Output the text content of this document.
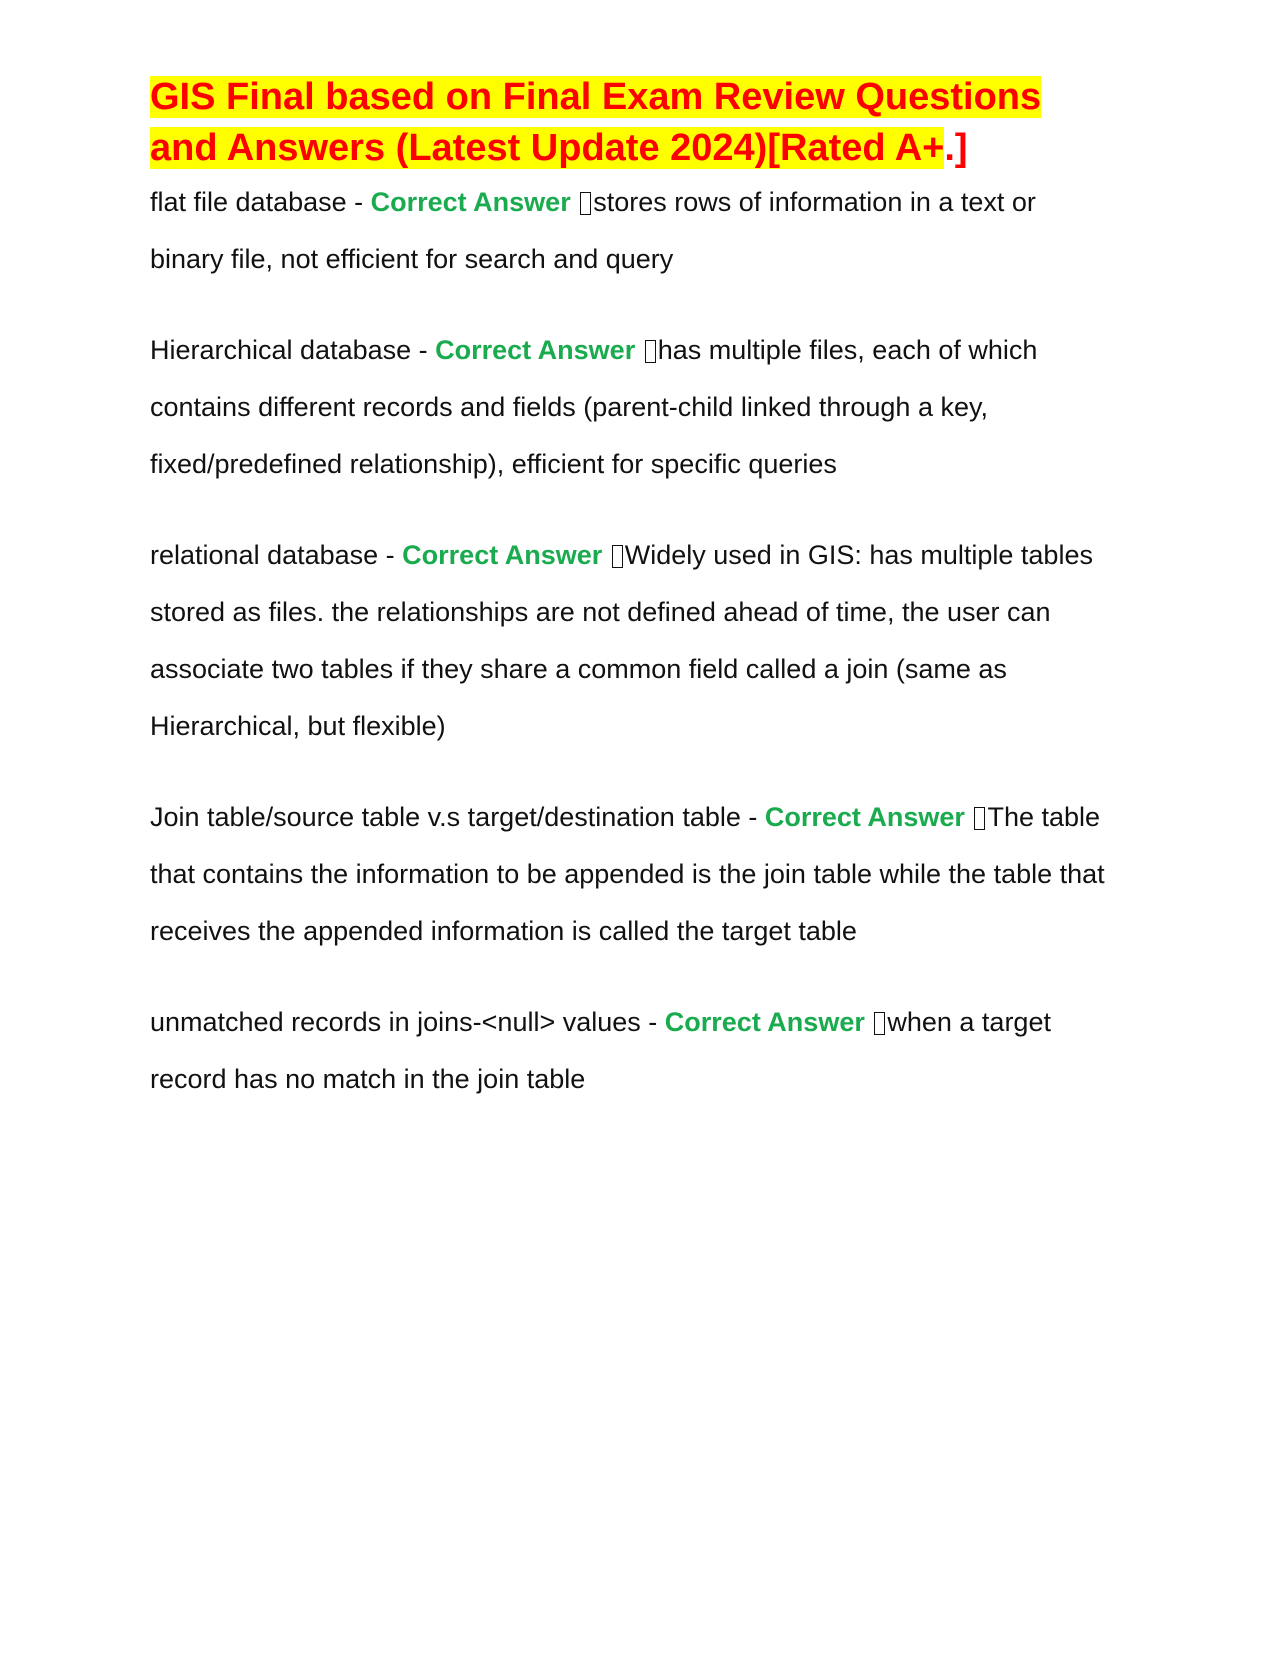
GIS Final based on Final Exam Review Questions and Answers (Latest Update 2024)[Rated A+.]

flat file database - Correct Answer stores rows of information in a text or binary file, not efficient for search and query

Hierarchical database - Correct Answer has multiple files, each of which contains different records and fields (parent-child linked through a key, fixed/predefined relationship), efficient for specific queries

relational database - Correct Answer Widely used in GIS: has multiple tables stored as files. the relationships are not defined ahead of time, the user can associate two tables if they share a common field called a join (same as Hierarchical, but flexible)

Join table/source table v.s target/destination table - Correct Answer The table that contains the information to be appended is the join table while the table that receives the appended information is called the target table

unmatched records in joins-<null> values - Correct Answer when a target record has no match in the join table
